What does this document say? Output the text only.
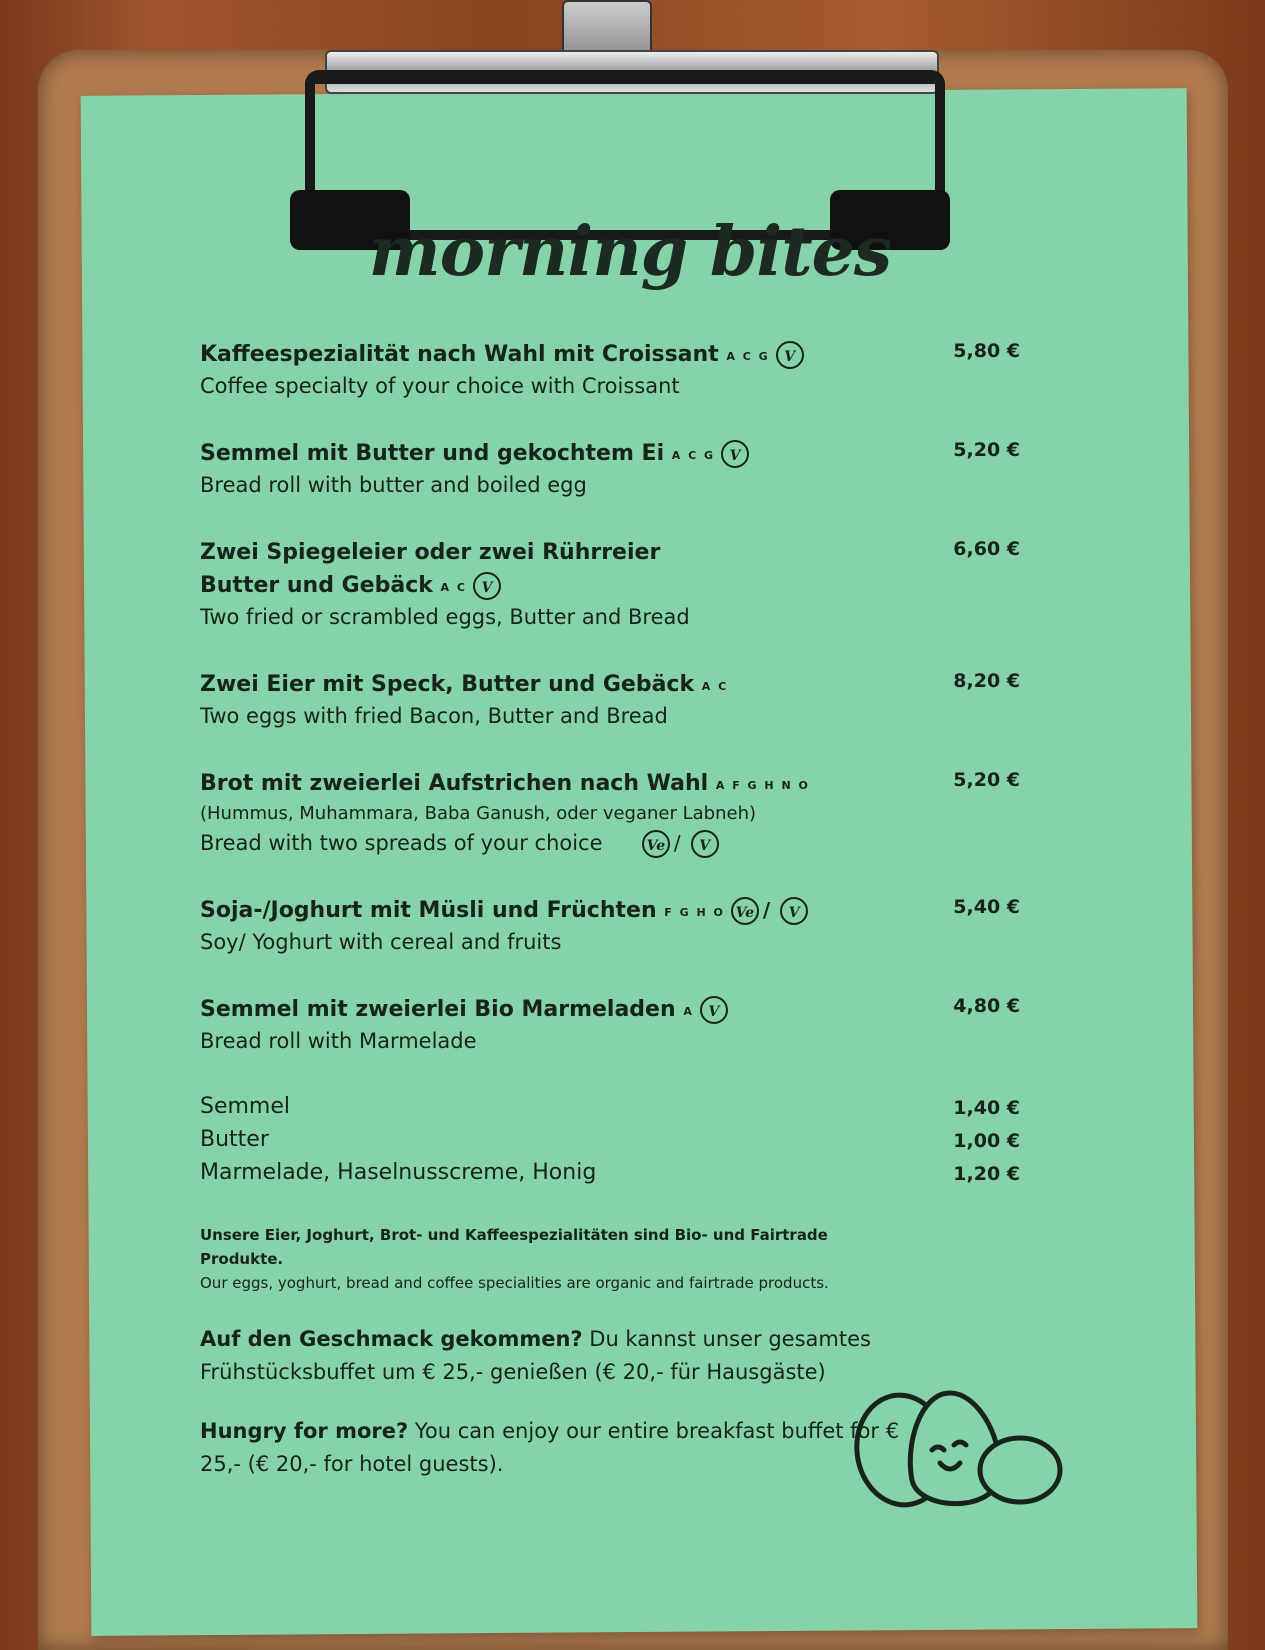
morning bites
Kaffeespezialität nach Wahl mit Croissant $^{A C G}$ V
Coffee specialty of your choice with Croissant
5,80 €
Semmel mit Butter und gekochtem Ei $^{A C G}$ V
Bread roll with butter and boiled egg
5,20 €
Zwei Spiegeleier oder zwei Rührreier
Butter und Gebäck $^{A C}$ V
Two fried or scrambled eggs, Butter and Bread
6,60 €
Zwei Eier mit Speck, Butter und Gebäck $^{A C}$
Two eggs with fried Bacon, Butter and Bread
8,20 €
Brot mit zweierlei Aufstrichen nach Wahl $^{A F G H N O}$
(Hummus, Muhammara, Baba Ganush, oder veganer Labneh)
Bread with two spreads of your choice	Ve / V
5,20 €
Soja-/Joghurt mit Müsli und Früchten $^{F G H O}$ Ve / V
Soy/ Yoghurt with cereal and fruits
5,40 €
Semmel mit zweierlei Bio Marmeladen $^A$ V
Bread roll with Marmelade
4,80 €
Semmel	1,40 €
Butter	1,00 €
Marmelade, Haselnusscreme, Honig	1,20 €
Unsere Eier, Joghurt, Brot- und Kaffeespezialitäten sind Bio- und Fairtrade
Produkte.
Our eggs, yoghurt, bread and coffee specialities are organic and fairtrade products.
Auf den Geschmack gekommen? Du kannst unser gesamtes Frühstücksbuffet um € 25,- genießen (€ 20,- für Hausgäste)
Hungry for more? You can enjoy our entire breakfast buffet for € 25,- (€ 20,- for hotel guests).
